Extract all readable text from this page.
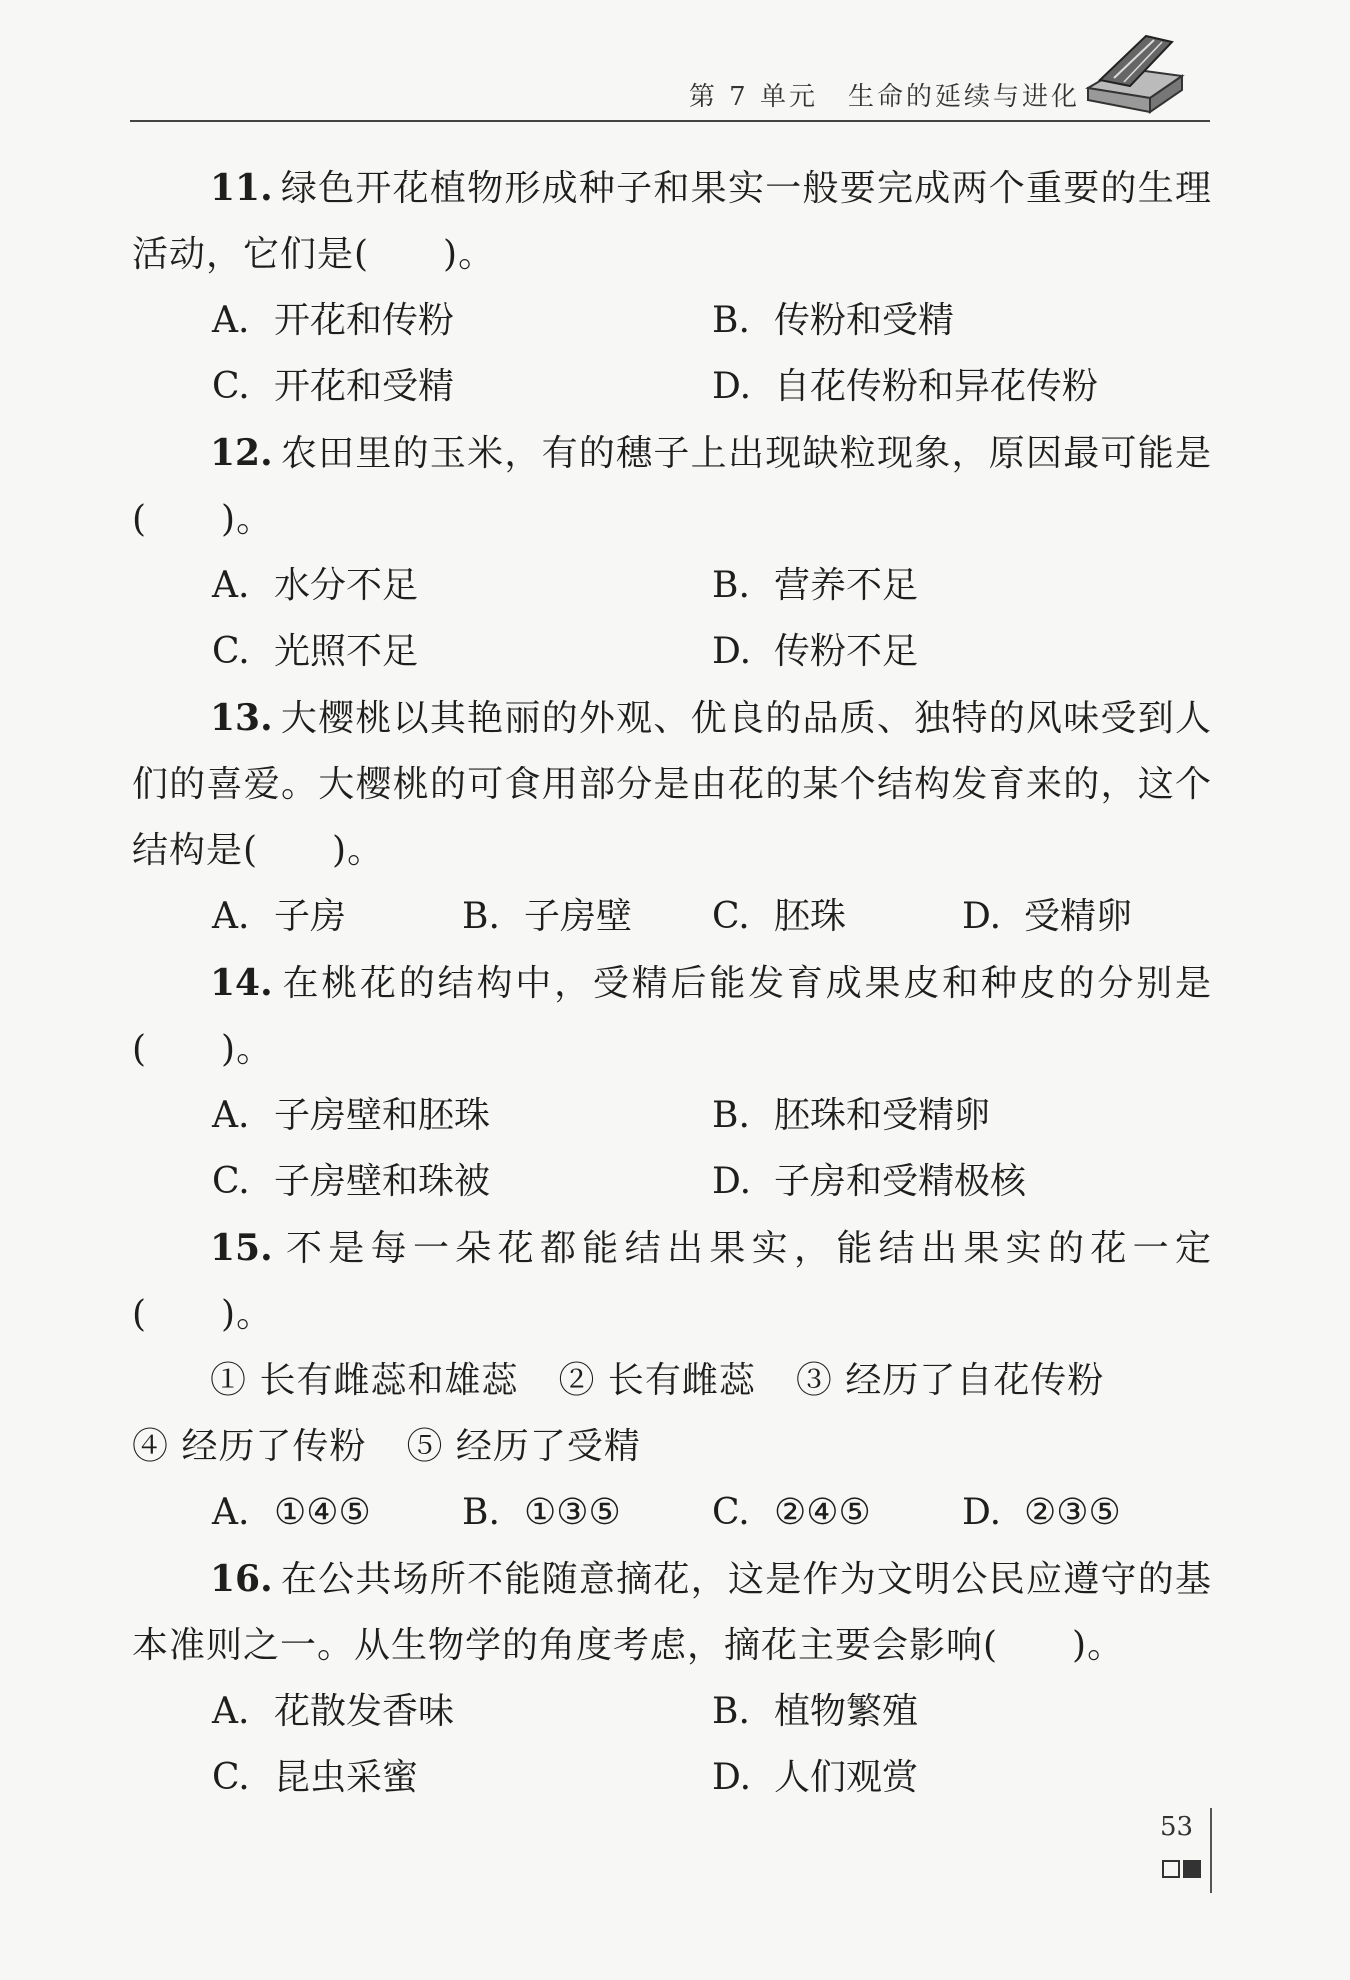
第 7 单元 生命的延续与进化

11. 绿色开花植物形成种子和果实一般要完成两个重要的生理活动，它们是(　　)。

A. 开花和传粉	B. 传粉和受精
C. 开花和受精	D. 自花传粉和异花传粉

12. 农田里的玉米，有的穗子上出现缺粒现象，原因最可能是(　　)。

A. 水分不足	B. 营养不足
C. 光照不足	D. 传粉不足

13. 大樱桃以其艳丽的外观、优良的品质、独特的风味受到人们的喜爱。大樱桃的可食用部分是由花的某个结构发育来的，这个结构是(　　)。

A. 子房	B. 子房壁	C. 胚珠	D. 受精卵

14. 在桃花的结构中，受精后能发育成果皮和种皮的分别是(　　)。

A. 子房壁和胚珠	B. 胚珠和受精卵
C. 子房壁和珠被	D. 子房和受精极核

15. 不是每一朵花都能结出果实，能结出果实的花一定(　　)。

① 长有雌蕊和雄蕊 ② 长有雌蕊 ③ 经历了自花传粉④ 经历了传粉 ⑤ 经历了受精

A. ①④⑤	B. ①③⑤	C. ②④⑤	D. ②③⑤

16. 在公共场所不能随意摘花，这是作为文明公民应遵守的基本准则之一。从生物学的角度考虑，摘花主要会影响(　　)。

A. 花散发香味	B. 植物繁殖
C. 昆虫采蜜	D. 人们观赏
53
